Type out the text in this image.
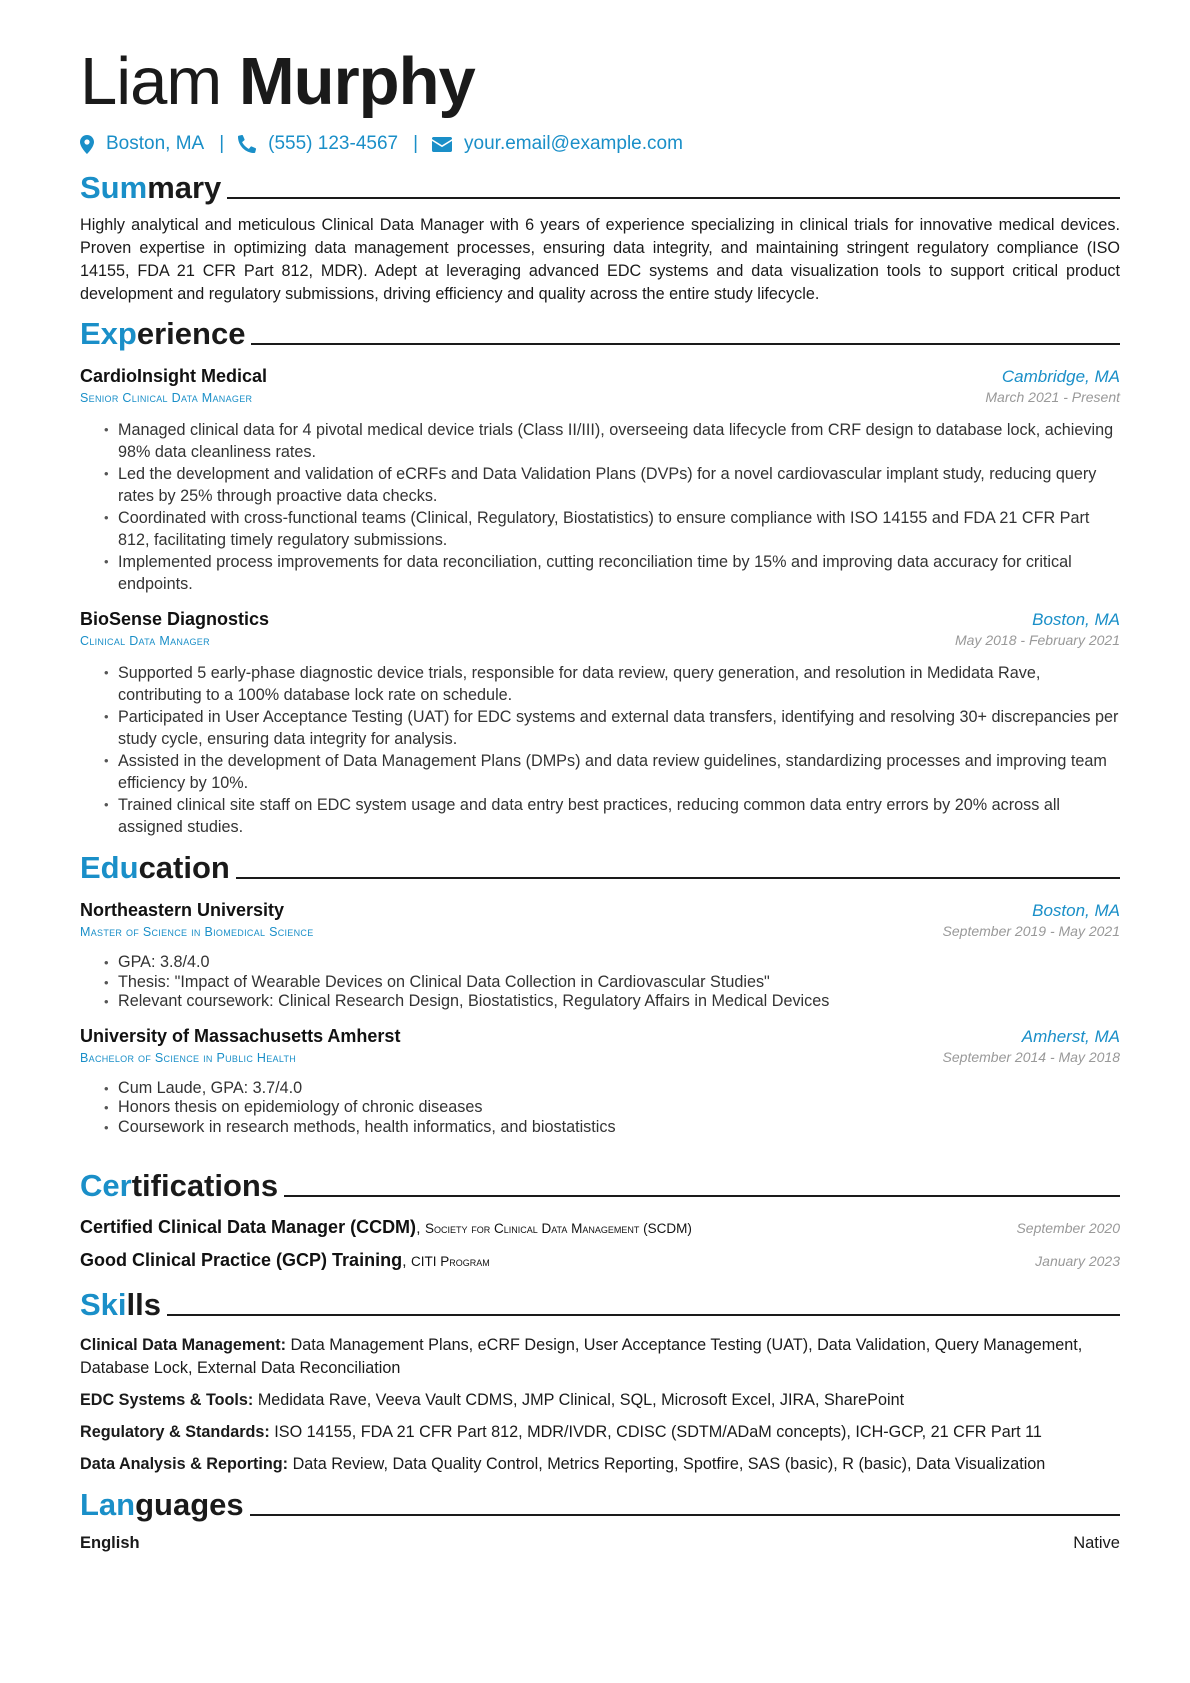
Liam Murphy
Boston, MA | (555) 123-4567 | your.email@example.com
Summary
Highly analytical and meticulous Clinical Data Manager with 6 years of experience specializing in clinical trials for innovative medical devices. Proven expertise in optimizing data management processes, ensuring data integrity, and maintaining stringent regulatory compliance (ISO 14155, FDA 21 CFR Part 812, MDR). Adept at leveraging advanced EDC systems and data visualization tools to support critical product development and regulatory submissions, driving efficiency and quality across the entire study lifecycle.
Experience
CardioInsight Medical	Cambridge, MA
Senior Clinical Data Manager	March 2021 - Present
• Managed clinical data for 4 pivotal medical device trials (Class II/III), overseeing data lifecycle from CRF design to database lock, achieving 98% data cleanliness rates.
• Led the development and validation of eCRFs and Data Validation Plans (DVPs) for a novel cardiovascular implant study, reducing query rates by 25% through proactive data checks.
• Coordinated with cross-functional teams (Clinical, Regulatory, Biostatistics) to ensure compliance with ISO 14155 and FDA 21 CFR Part 812, facilitating timely regulatory submissions.
• Implemented process improvements for data reconciliation, cutting reconciliation time by 15% and improving data accuracy for critical endpoints.
BioSense Diagnostics	Boston, MA
Clinical Data Manager	May 2018 - February 2021
• Supported 5 early-phase diagnostic device trials, responsible for data review, query generation, and resolution in Medidata Rave, contributing to a 100% database lock rate on schedule.
• Participated in User Acceptance Testing (UAT) for EDC systems and external data transfers, identifying and resolving 30+ discrepancies per study cycle, ensuring data integrity for analysis.
• Assisted in the development of Data Management Plans (DMPs) and data review guidelines, standardizing processes and improving team efficiency by 10%.
• Trained clinical site staff on EDC system usage and data entry best practices, reducing common data entry errors by 20% across all assigned studies.
Education
Northeastern University	Boston, MA
Master of Science in Biomedical Science	September 2019 - May 2021
• GPA: 3.8/4.0
• Thesis: "Impact of Wearable Devices on Clinical Data Collection in Cardiovascular Studies"
• Relevant coursework: Clinical Research Design, Biostatistics, Regulatory Affairs in Medical Devices
University of Massachusetts Amherst	Amherst, MA
Bachelor of Science in Public Health	September 2014 - May 2018
• Cum Laude, GPA: 3.7/4.0
• Honors thesis on epidemiology of chronic diseases
• Coursework in research methods, health informatics, and biostatistics
Certifications
Certified Clinical Data Manager (CCDM), Society for Clinical Data Management (SCDM)	September 2020
Good Clinical Practice (GCP) Training, CITI Program	January 2023
Skills
Clinical Data Management: Data Management Plans, eCRF Design, User Acceptance Testing (UAT), Data Validation, Query Management, Database Lock, External Data Reconciliation
EDC Systems & Tools: Medidata Rave, Veeva Vault CDMS, JMP Clinical, SQL, Microsoft Excel, JIRA, SharePoint
Regulatory & Standards: ISO 14155, FDA 21 CFR Part 812, MDR/IVDR, CDISC (SDTM/ADaM concepts), ICH-GCP, 21 CFR Part 11
Data Analysis & Reporting: Data Review, Data Quality Control, Metrics Reporting, Spotfire, SAS (basic), R (basic), Data Visualization
Languages
English	Native
